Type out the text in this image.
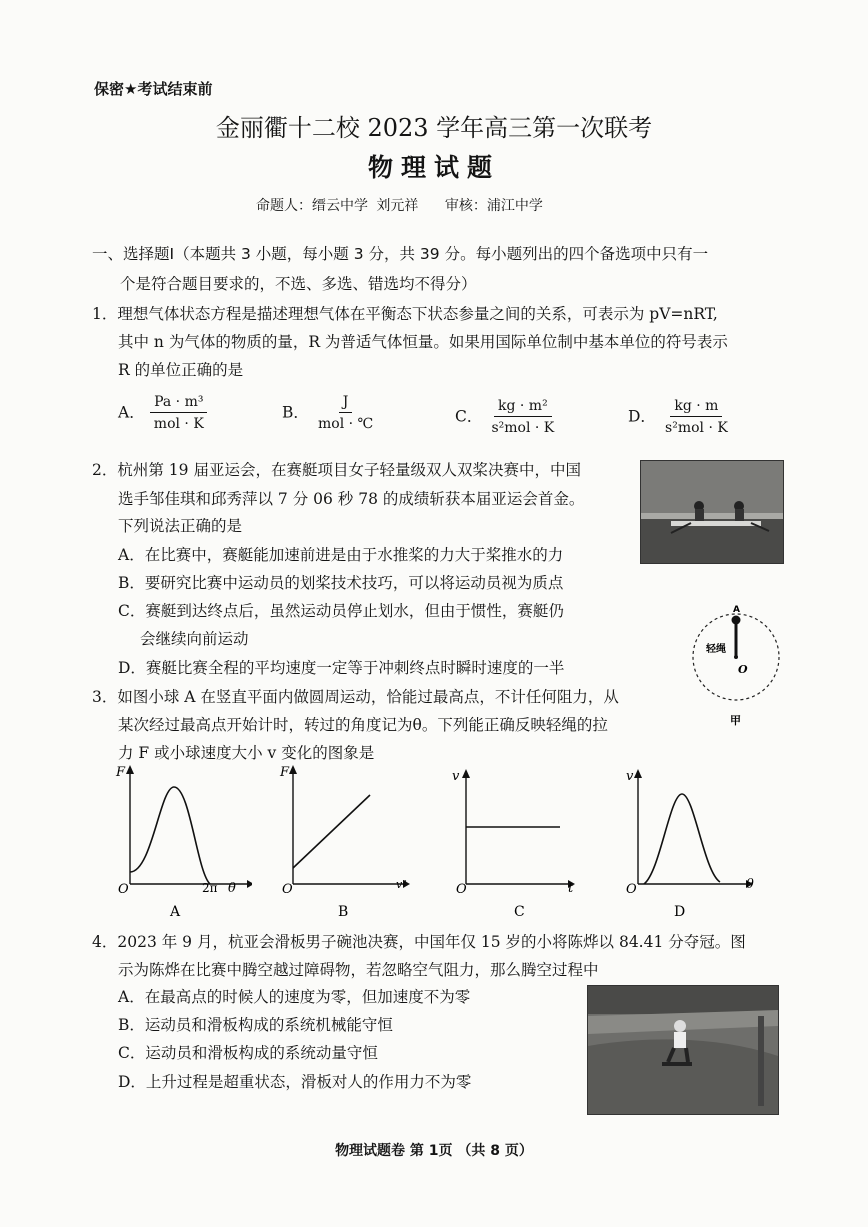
保密★考试结束前
金丽衢十二校 2023 学年高三第一次联考
物理试题
命题人：缙云中学 刘元祥 审核：浦江中学
一、选择题Ⅰ（本题共 3 小题，每小题 3 分，共 39 分。每小题列出的四个备选项中只有一
个是符合题目要求的，不选、多选、错选均不得分）
1．理想气体状态方程是描述理想气体在平衡态下状态参量之间的关系，可表示为 pV=nRT,
其中 n 为气体的物质的量，R 为普适气体恒量。如果用国际单位制中基本单位的符号表示
R 的单位正确的是
A． $\frac{\text{Pa · m³}}{\text{mol · K}}$	B． $\frac{J}{\text{mol · ℃}}$	C． $\frac{\text{kg · m²}}{\text{s²mol · K}}$	D． $\frac{kg \cdot m}{\text{s²mol · K}}$
2．杭州第 19 届亚运会，在赛艇项目女子轻量级双人双桨决赛中，中国
选手邹佳琪和邱秀萍以 7 分 06 秒 78 的成绩斩获本届亚运会首金。
下列说法正确的是
A．在比赛中，赛艇能加速前进是由于水推桨的力大于桨推水的力
B．要研究比赛中运动员的划桨技术技巧，可以将运动员视为质点
C．赛艇到达终点后，虽然运动员停止划水，但由于惯性，赛艇仍
会继续向前运动
D．赛艇比赛全程的平均速度一定等于冲刺终点时瞬时速度的一半
3．如图小球 A 在竖直平面内做圆周运动，恰能过最高点，不计任何阻力，从
某次经过最高点开始计时，转过的角度记为θ。下列能正确反映轻绳的拉
力 F 或小球速度大小 v 变化的图象是
A
轻绳
O
甲
F
O	2π θ
A
F
O	v²
B
v
O	t
C
v
O	θ
D
4．2023 年 9 月，杭亚会滑板男子碗池决赛，中国年仅 15 岁的小将陈烨以 84.41 分夺冠。图
示为陈烨在比赛中腾空越过障碍物，若忽略空气阻力，那么腾空过程中
A．在最高点的时候人的速度为零，但加速度不为零
B．运动员和滑板构成的系统机械能守恒
C．运动员和滑板构成的系统动量守恒
D．上升过程是超重状态，滑板对人的作用力不为零
物理试题卷 第 1页 （共 8 页）
